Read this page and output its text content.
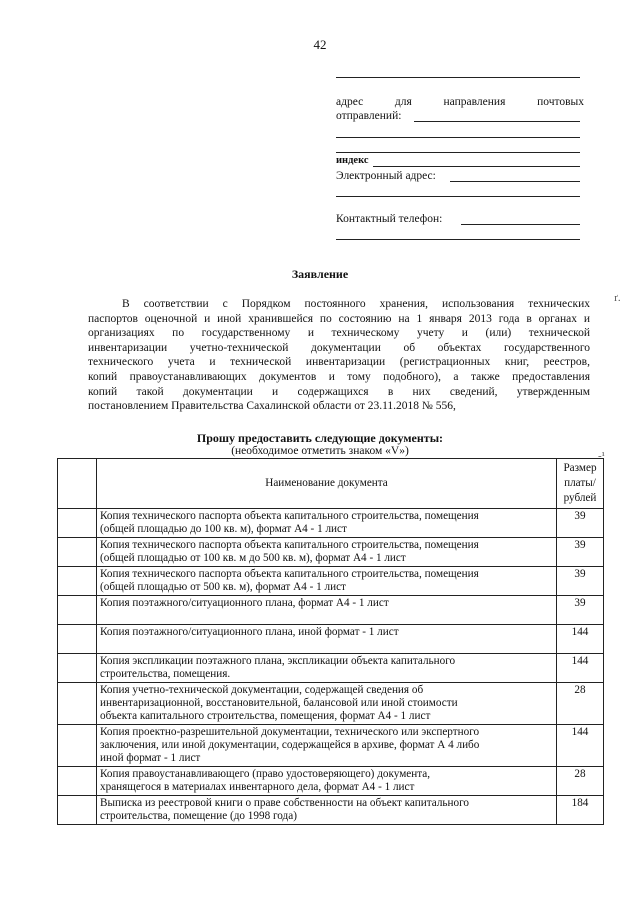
42
адрес	для	направления	почтовых
отправлений:
индекс
Электронный адрес:
Контактный телефон:
Заявление
В соответствии с Порядком постоянного хранения, использования технических
паспортов оценочной и иной хранившейся по состоянию на 1 января 2013 года в органах и
организациях по государственному и техническому учету и (или) технической
инвентаризации учетно-технической документации об объектах государственного
технического учета и технической инвентаризации (регистрационных книг, реестров,
копий правоустанавливающих документов и тому подобного), а также предоставления
копий такой документации и содержащихся в них сведений, утвержденным
постановлением Правительства Сахалинской области от 23.11.2018 № 556,
Прошу предоставить следующие документы:
(необходимое отметить знаком «V»)
ґ.
-¹
	Наименование документа	Размер
платы/
рублей
	Копия технического паспорта объекта капитального строительства, помещения
(общей площадью до 100 кв. м), формат А4 - 1 лист	39
	Копия технического паспорта объекта капитального строительства, помещения
(общей площадью от 100 кв. м до 500 кв. м), формат А4 - 1 лист	39
	Копия технического паспорта объекта капитального строительства, помещения
(общей площадью от 500 кв. м), формат А4 - 1 лист	39
	Копия поэтажного/ситуационного плана, формат А4 - 1 лист	39
	Копия поэтажного/ситуационного плана, иной формат - 1 лист	144
	Копия экспликации поэтажного плана, экспликации объекта капитального
строительства, помещения.	144
	Копия учетно-технической документации, содержащей сведения об
инвентаризационной, восстановительной, балансовой или иной стоимости
объекта капитального строительства, помещения, формат А4 - 1 лист	28
	Копия проектно-разрешительной документации, технического или экспертного
заключения, или иной документации, содержащейся в архиве, формат А 4 либо
иной формат - 1 лист	144
	Копия правоустанавливающего (право удостоверяющего) документа,
хранящегося в материалах инвентарного дела, формат А4 - 1 лист	28
	Выписка из реестровой книги о праве собственности на объект капитального
строительства, помещение (до 1998 года)	184
